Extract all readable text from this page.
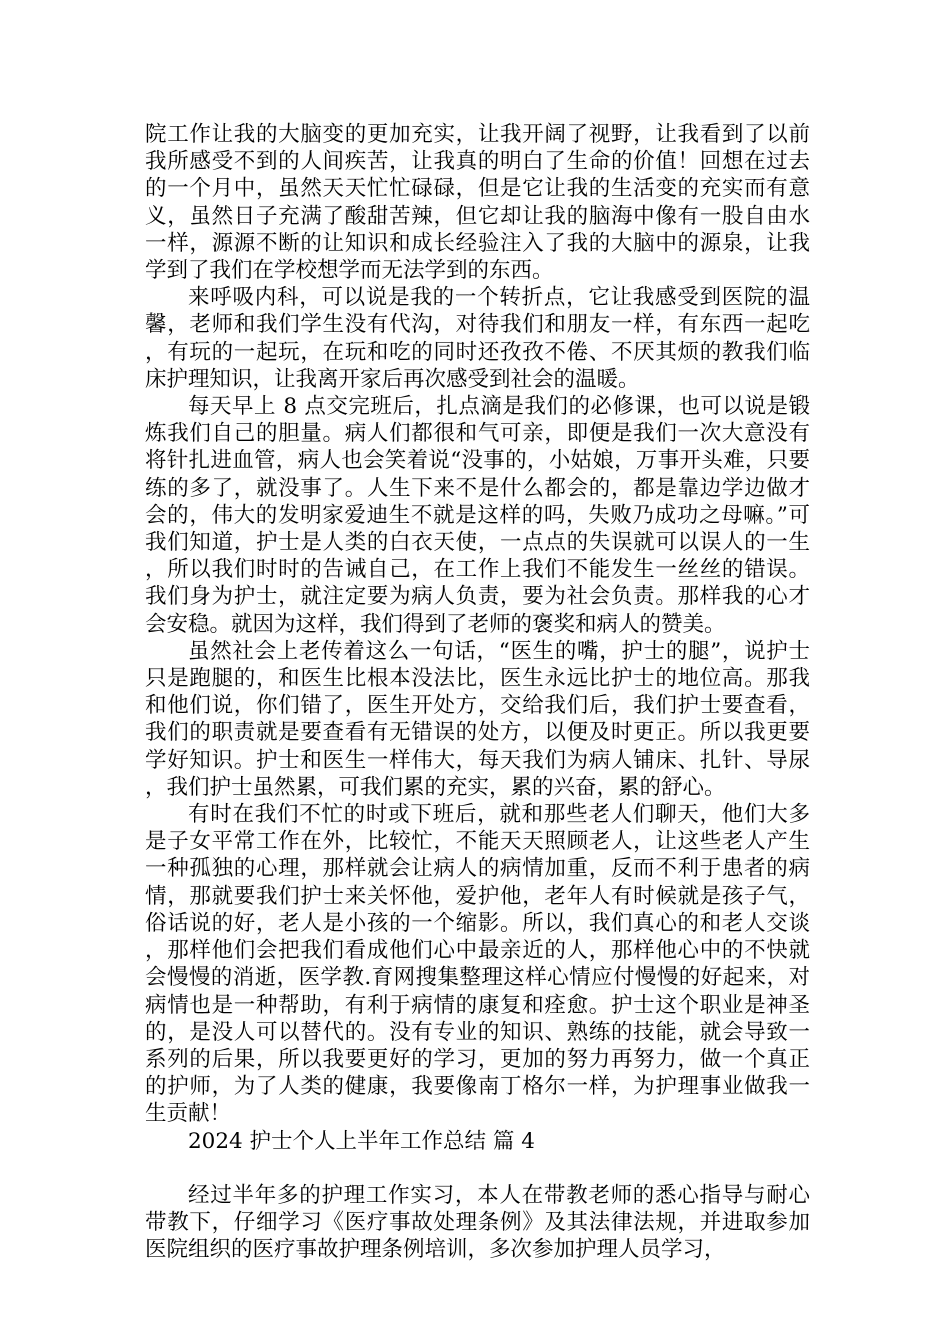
院工作让我的大脑变的更加充实，让我开阔了视野，让我看到了以前我所感受不到的人间疾苦，让我真的明白了生命的价值！回想在过去的一个月中，虽然天天忙忙碌碌，但是它让我的生活变的充实而有意义，虽然日子充满了酸甜苦辣，但它却让我的脑海中像有一股自由水一样，源源不断的让知识和成长经验注入了我的大脑中的源泉，让我学到了我们在学校想学而无法学到的东西。

来呼吸内科，可以说是我的一个转折点，它让我感受到医院的温馨，老师和我们学生没有代沟，对待我们和朋友一样，有东西一起吃，有玩的一起玩，在玩和吃的同时还孜孜不倦、不厌其烦的教我们临床护理知识，让我离开家后再次感受到社会的温暖。

每天早上 8 点交完班后，扎点滴是我们的必修课，也可以说是锻炼我们自己的胆量。病人们都很和气可亲，即便是我们一次大意没有将针扎进血管，病人也会笑着说“没事的，小姑娘，万事开头难，只要练的多了，就没事了。人生下来不是什么都会的，都是靠边学边做才会的，伟大的发明家爱迪生不就是这样的吗，失败乃成功之母嘛。”可我们知道，护士是人类的白衣天使，一点点的失误就可以误人的一生，所以我们时时的告诫自己，在工作上我们不能发生一丝丝的错误。我们身为护士，就注定要为病人负责，要为社会负责。那样我的心才会安稳。就因为这样，我们得到了老师的褒奖和病人的赞美。

虽然社会上老传着这么一句话，“医生的嘴，护士的腿”，说护士只是跑腿的，和医生比根本没法比，医生永远比护士的地位高。那我和他们说，你们错了，医生开处方，交给我们后，我们护士要查看，我们的职责就是要查看有无错误的处方，以便及时更正。所以我更要学好知识。护士和医生一样伟大，每天我们为病人铺床、扎针、导尿，我们护士虽然累，可我们累的充实，累的兴奋，累的舒心。

有时在我们不忙的时或下班后，就和那些老人们聊天，他们大多是子女平常工作在外，比较忙，不能天天照顾老人，让这些老人产生一种孤独的心理，那样就会让病人的病情加重，反而不利于患者的病情，那就要我们护士来关怀他，爱护他，老年人有时候就是孩子气，俗话说的好，老人是小孩的一个缩影。所以，我们真心的和老人交谈，那样他们会把我们看成他们心中最亲近的人，那样他心中的不快就会慢慢的消逝，医学教.育网搜集整理这样心情应付慢慢的好起来，对病情也是一种帮助，有利于病情的康复和痊愈。护士这个职业是神圣的，是没人可以替代的。没有专业的知识、熟练的技能，就会导致一系列的后果，所以我要更好的学习，更加的努力再努力，做一个真正的护师，为了人类的健康，我要像南丁格尔一样，为护理事业做我一生贡献！

2024 护士个人上半年工作总结 篇 4

经过半年多的护理工作实习，本人在带教老师的悉心指导与耐心带教下，仔细学习《医疗事故处理条例》及其法律法规，并进取参加医院组织的医疗事故护理条例培训，多次参加护理人员学习，
